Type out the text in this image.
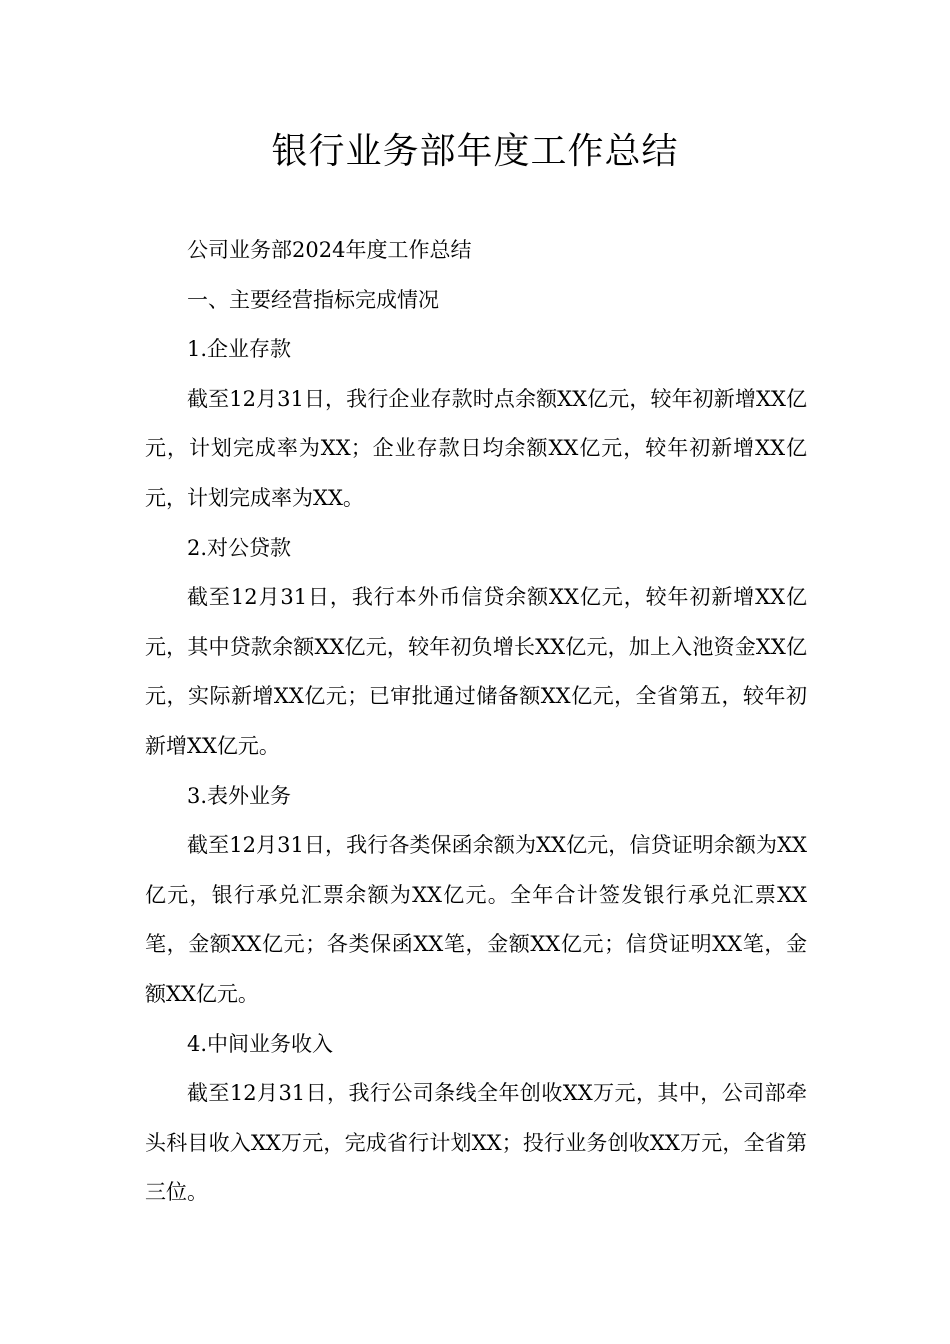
银行业务部年度工作总结

公司业务部2024年度工作总结

一、主要经营指标完成情况

1.企业存款

截至12月31日，我行企业存款时点余额XX亿元，较年初新增XX亿元，计划完成率为XX；企业存款日均余额XX亿元，较年初新增XX亿元，计划完成率为XX。

2.对公贷款

截至12月31日，我行本外币信贷余额XX亿元，较年初新增XX亿元，其中贷款余额XX亿元，较年初负增长XX亿元，加上入池资金XX亿元，实际新增XX亿元；已审批通过储备额XX亿元，全省第五，较年初新增XX亿元。

3.表外业务

截至12月31日，我行各类保函余额为XX亿元，信贷证明余额为XX亿元，银行承兑汇票余额为XX亿元。全年合计签发银行承兑汇票XX笔，金额XX亿元；各类保函XX笔，金额XX亿元；信贷证明XX笔，金额XX亿元。

4.中间业务收入

截至12月31日，我行公司条线全年创收XX万元，其中，公司部牵头科目收入XX万元，完成省行计划XX；投行业务创收XX万元，全省第三位。
